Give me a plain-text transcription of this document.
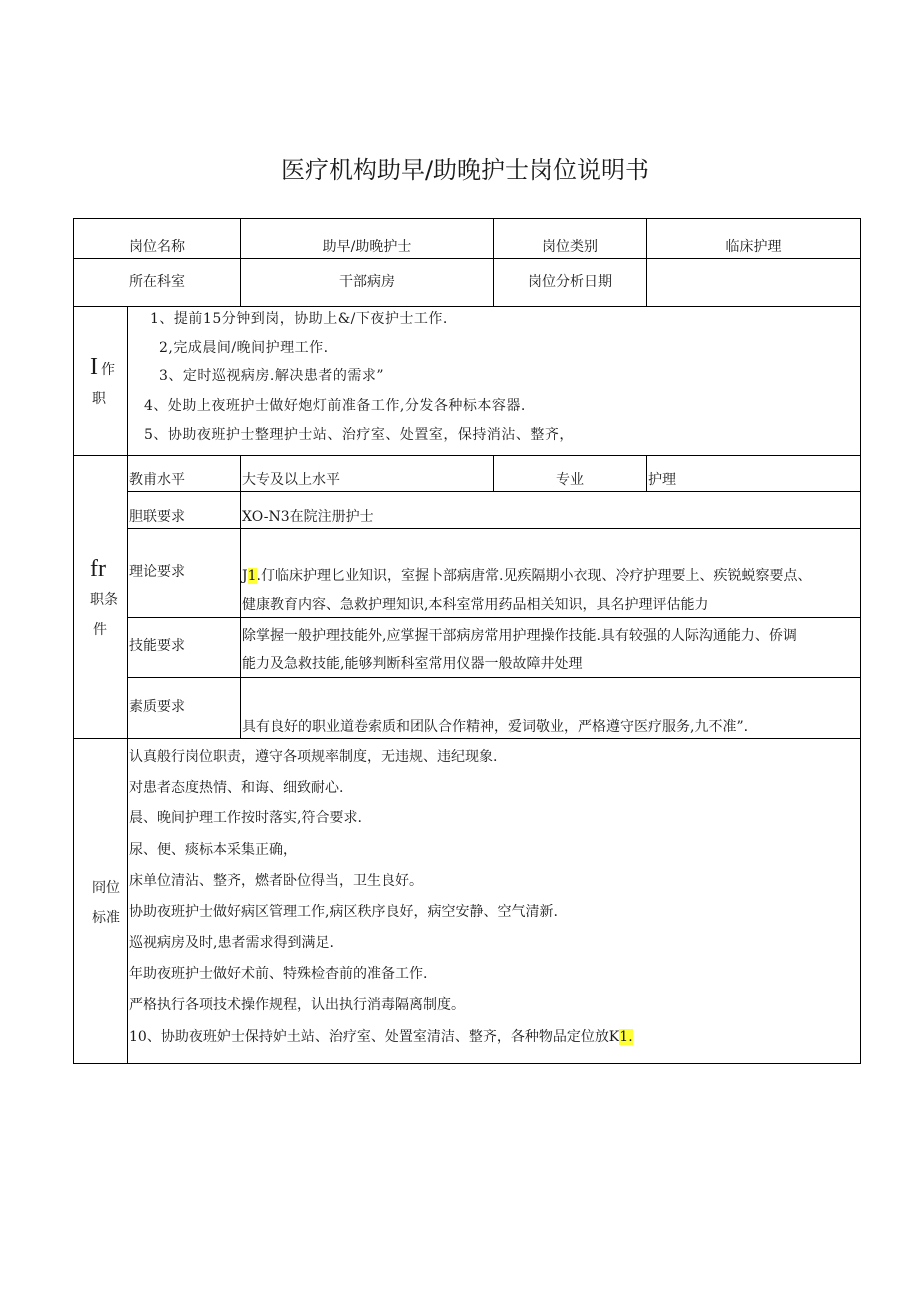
医疗机构助早/助晚护士岗位说明书
岗位名称	助早/助晚护士	岗位类别	临床护理
所在科室	干部病房	岗位分析日期
I 作
职
1、提前15分钟到岗，协助上&/下夜护士工作.
2,完成晨间/晚间护理工作.
3、定时巡视病房.解决患者的需求”
4、处助上夜班护士做好炮灯前准备工作,分发各种标本容器.
5、协助夜班护士整理护士站、治疗室、处置室，保持消沾、整齐，
fr
职条
件
教甫水平	大专及以上水平	专业	护理
胆联要求	XO-N3在院注册护士
理论要求	J1.仃临床护理匕业知识，室握卜部病唐常.见疾隔期小衣现、冷疗护理要上、疾锐蜕察要点、
健康教育内容、急救护理知识,本科室常用药品相关知识，具名护理评估能力
技能要求
除掌握一般护理技能外,应掌握干部病房常用护理操作技能.具有较强的人际沟通能力、侨调
能力及急救技能,能够判断科室常用仪器一般故障井处理
素质要求
具有良好的职业道卷索质和团队合作精神，爱词敬业，严格遵守医疗服务,九不准”.
冏位
标准
认真般行岗位职责，遵守各项规率制度，无违规、违纪现象.
对患者态度热情、和诲、细致耐心.
晨、晚间护理工作按时落实,符合要求.
尿、便、痰标本采集正确，
床单位清沾、整齐，燃者卧位得当，卫生良好。
协助夜班护士做好病区管理工作,病区秩序良好，病空安静、空气清新.
巡视病房及时,患者需求得到满足.
年助夜班护士做好术前、特殊检杳前的准备工作.
严格执行各项技术操作规程，认出执行消毒隔离制度。
10、协助夜班妒士保持妒土站、治疗室、处置室清洁、整齐，各种物品定位放K1.
